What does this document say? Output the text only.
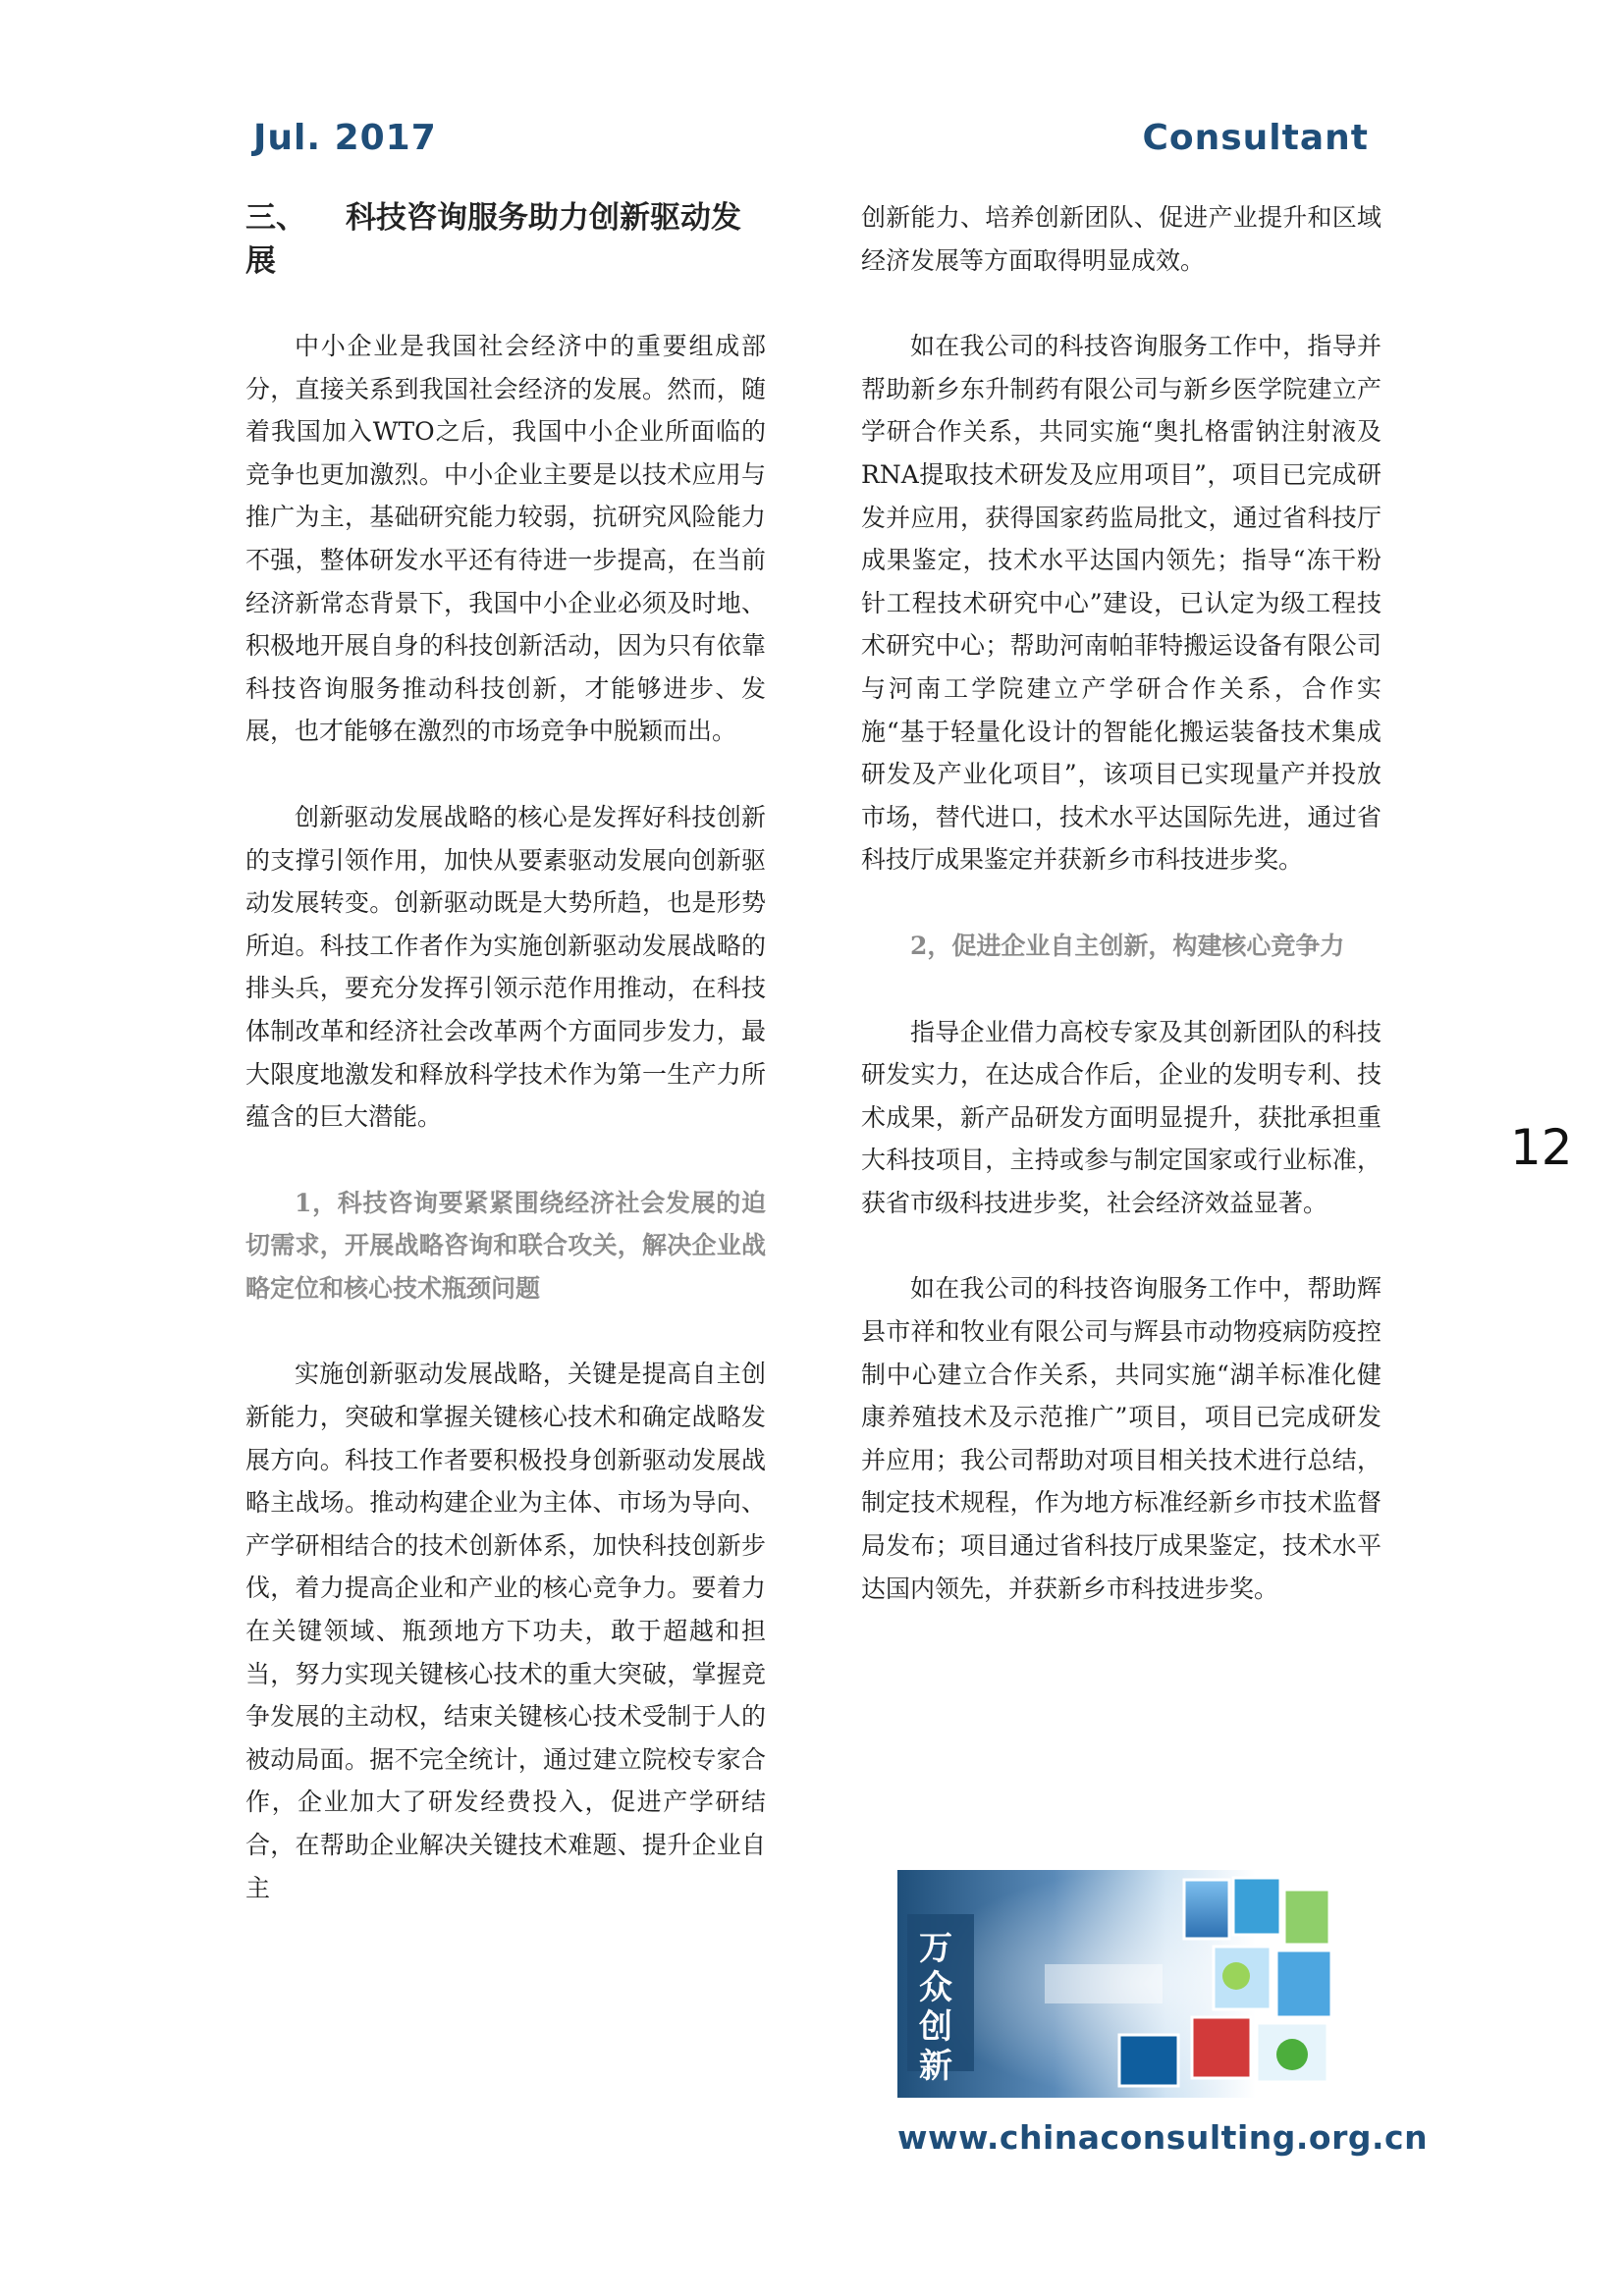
Jul. 2017	Consultant
三、 科技咨询服务助力创新驱动发展

中小企业是我国社会经济中的重要组成部分，直接关系到我国社会经济的发展。然而，随着我国加入WTO之后，我国中小企业所面临的竞争也更加激烈。中小企业主要是以技术应用与推广为主，基础研究能力较弱，抗研究风险能力不强，整体研发水平还有待进一步提高，在当前经济新常态背景下，我国中小企业必须及时地、积极地开展自身的科技创新活动，因为只有依靠科技咨询服务推动科技创新，才能够进步、发展，也才能够在激烈的市场竞争中脱颖而出。

创新驱动发展战略的核心是发挥好科技创新的支撑引领作用，加快从要素驱动发展向创新驱动发展转变。创新驱动既是大势所趋，也是形势所迫。科技工作者作为实施创新驱动发展战略的排头兵，要充分发挥引领示范作用推动，在科技体制改革和经济社会改革两个方面同步发力，最大限度地激发和释放科学技术作为第一生产力所蕴含的巨大潜能。

1，科技咨询要紧紧围绕经济社会发展的迫切需求，开展战略咨询和联合攻关，解决企业战略定位和核心技术瓶颈问题

实施创新驱动发展战略，关键是提高自主创新能力，突破和掌握关键核心技术和确定战略发展方向。科技工作者要积极投身创新驱动发展战略主战场。推动构建企业为主体、市场为导向、产学研相结合的技术创新体系，加快科技创新步伐，着力提高企业和产业的核心竞争力。要着力在关键领域、瓶颈地方下功夫，敢于超越和担当，努力实现关键核心技术的重大突破，掌握竞争发展的主动权，结束关键核心技术受制于人的被动局面。据不完全统计，通过建立院校专家合作，企业加大了研发经费投入，促进产学研结合，在帮助企业解决关键技术难题、提升企业自主

创新能力、培养创新团队、促进产业提升和区域经济发展等方面取得明显成效。

如在我公司的科技咨询服务工作中，指导并帮助新乡东升制药有限公司与新乡医学院建立产学研合作关系，共同实施“奥扎格雷钠注射液及RNA提取技术研发及应用项目”，项目已完成研发并应用，获得国家药监局批文，通过省科技厅成果鉴定，技术水平达国内领先；指导“冻干粉针工程技术研究中心”建设，已认定为级工程技术研究中心；帮助河南帕菲特搬运设备有限公司与河南工学院建立产学研合作关系，合作实施“基于轻量化设计的智能化搬运装备技术集成研发及产业化项目”，该项目已实现量产并投放市场，替代进口，技术水平达国际先进，通过省科技厅成果鉴定并获新乡市科技进步奖。

2，促进企业自主创新，构建核心竞争力

指导企业借力高校专家及其创新团队的科技研发实力，在达成合作后，企业的发明专利、技术成果，新产品研发方面明显提升，获批承担重大科技项目，主持或参与制定国家或行业标准，获省市级科技进步奖，社会经济效益显著。

如在我公司的科技咨询服务工作中，帮助辉县市祥和牧业有限公司与辉县市动物疫病防疫控制中心建立合作关系，共同实施“湖羊标准化健康养殖技术及示范推广”项目，项目已完成研发并应用；我公司帮助对项目相关技术进行总结，制定技术规程，作为地方标准经新乡市技术监督局发布；项目通过省科技厅成果鉴定，技术水平达国内领先，并获新乡市科技进步奖。

12
万众创新
www.chinaconsulting.org.cn
